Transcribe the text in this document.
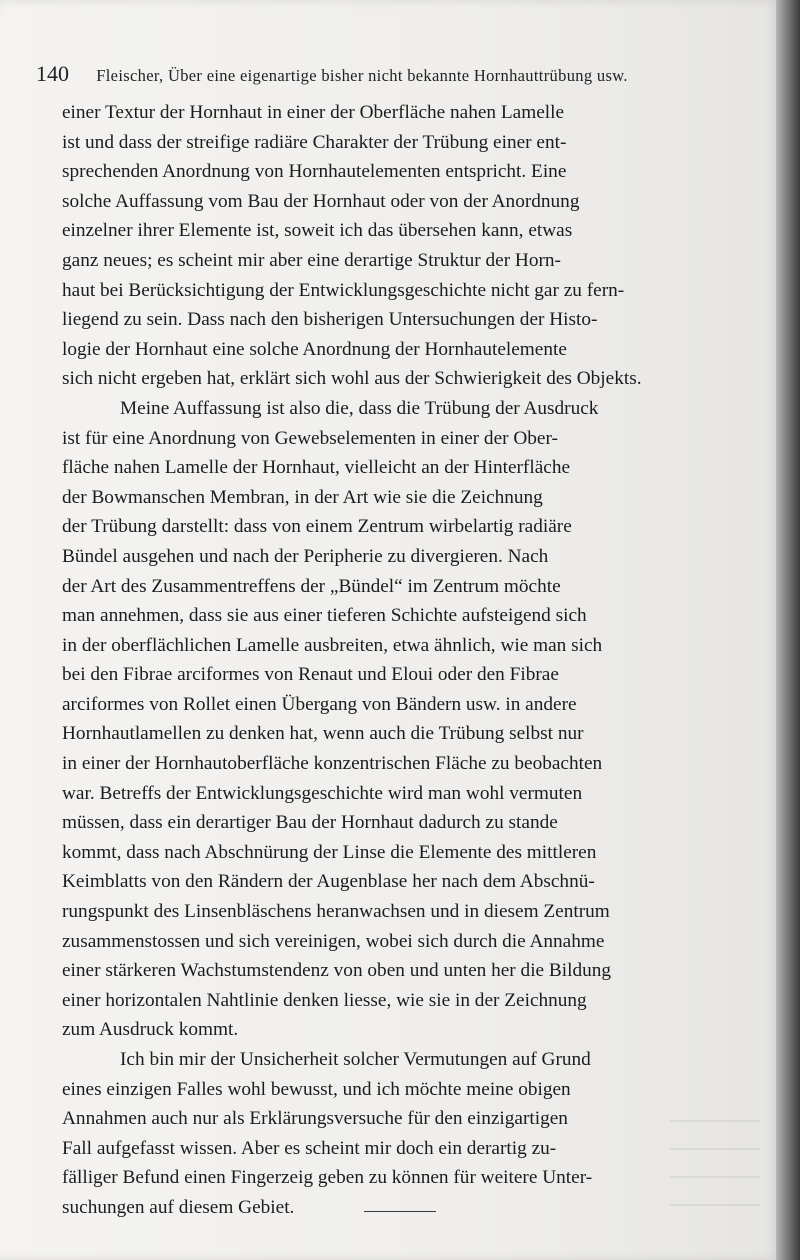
140 Fleischer, Über eine eigenartige bisher nicht bekannte Hornhauttrübung usw.
einer Textur der Hornhaut in einer der Oberfläche nahen Lamelle
ist und dass der streifige radiäre Charakter der Trübung einer ent-
sprechenden Anordnung von Hornhautelementen entspricht. Eine
solche Auffassung vom Bau der Hornhaut oder von der Anordnung
einzelner ihrer Elemente ist, soweit ich das übersehen kann, etwas
ganz neues; es scheint mir aber eine derartige Struktur der Horn-
haut bei Berücksichtigung der Entwicklungsgeschichte nicht gar zu fern-
liegend zu sein. Dass nach den bisherigen Untersuchungen der Histo-
logie der Hornhaut eine solche Anordnung der Hornhautelemente
sich nicht ergeben hat, erklärt sich wohl aus der Schwierigkeit des Objekts.
Meine Auffassung ist also die, dass die Trübung der Ausdruck
ist für eine Anordnung von Gewebselementen in einer der Ober-
fläche nahen Lamelle der Hornhaut, vielleicht an der Hinterfläche
der Bowmanschen Membran, in der Art wie sie die Zeichnung
der Trübung darstellt: dass von einem Zentrum wirbelartig radiäre
Bündel ausgehen und nach der Peripherie zu divergieren. Nach
der Art des Zusammentreffens der „Bündel“ im Zentrum möchte
man annehmen, dass sie aus einer tieferen Schichte aufsteigend sich
in der oberflächlichen Lamelle ausbreiten, etwa ähnlich, wie man sich
bei den Fibrae arciformes von Renaut und Eloui oder den Fibrae
arciformes von Rollet einen Übergang von Bändern usw. in andere
Hornhautlamellen zu denken hat, wenn auch die Trübung selbst nur
in einer der Hornhautoberfläche konzentrischen Fläche zu beobachten
war. Betreffs der Entwicklungsgeschichte wird man wohl vermuten
müssen, dass ein derartiger Bau der Hornhaut dadurch zu stande
kommt, dass nach Abschnürung der Linse die Elemente des mittleren
Keimblatts von den Rändern der Augenblase her nach dem Abschnü-
rungspunkt des Linsenbläschens heranwachsen und in diesem Zentrum
zusammenstossen und sich vereinigen, wobei sich durch die Annahme
einer stärkeren Wachstumstendenz von oben und unten her die Bildung
einer horizontalen Nahtlinie denken liesse, wie sie in der Zeichnung
zum Ausdruck kommt.
Ich bin mir der Unsicherheit solcher Vermutungen auf Grund
eines einzigen Falles wohl bewusst, und ich möchte meine obigen
Annahmen auch nur als Erklärungsversuche für den einzigartigen
Fall aufgefasst wissen. Aber es scheint mir doch ein derartig zu-
fälliger Befund einen Fingerzeig geben zu können für weitere Unter-
suchungen auf diesem Gebiet.
